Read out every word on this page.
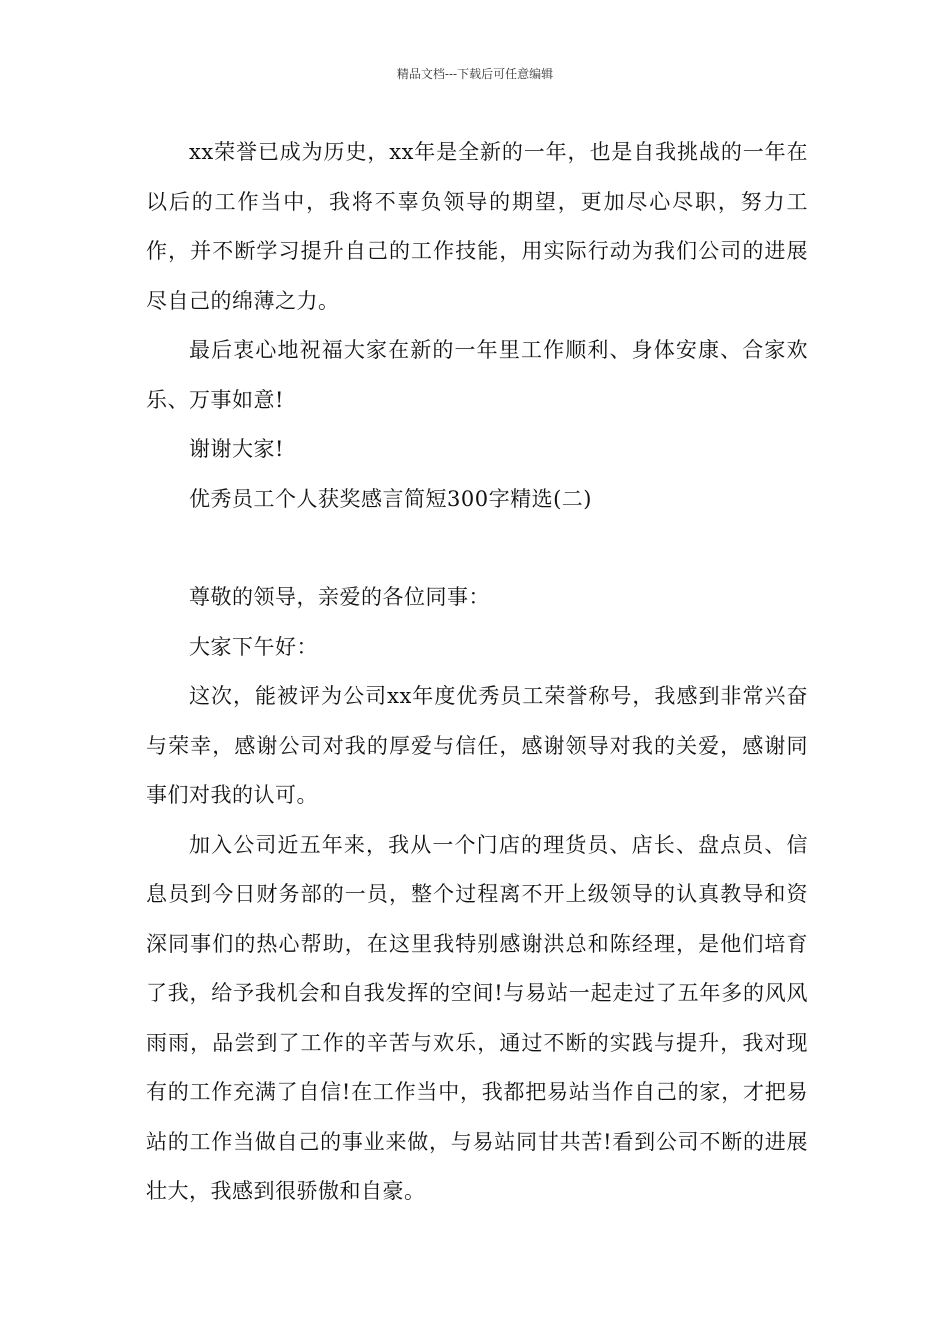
精品文档---下载后可任意编辑

xx荣誉已成为历史，xx年是全新的一年，也是自我挑战的一年在以后的工作当中，我将不辜负领导的期望，更加尽心尽职，努力工作，并不断学习提升自己的工作技能，用实际行动为我们公司的进展尽自己的绵薄之力。

最后衷心地祝福大家在新的一年里工作顺利、身体安康、合家欢乐、万事如意!

谢谢大家!

优秀员工个人获奖感言简短300字精选(二)

尊敬的领导，亲爱的各位同事：

大家下午好：

这次，能被评为公司xx年度优秀员工荣誉称号，我感到非常兴奋与荣幸，感谢公司对我的厚爱与信任，感谢领导对我的关爱，感谢同事们对我的认可。

加入公司近五年来，我从一个门店的理货员、店长、盘点员、信息员到今日财务部的一员，整个过程离不开上级领导的认真教导和资深同事们的热心帮助，在这里我特别感谢洪总和陈经理，是他们培育了我，给予我机会和自我发挥的空间!与易站一起走过了五年多的风风雨雨，品尝到了工作的辛苦与欢乐，通过不断的实践与提升，我对现有的工作充满了自信!在工作当中，我都把易站当作自己的家，才把易站的工作当做自己的事业来做，与易站同甘共苦!看到公司不断的进展壮大，我感到很骄傲和自豪。
